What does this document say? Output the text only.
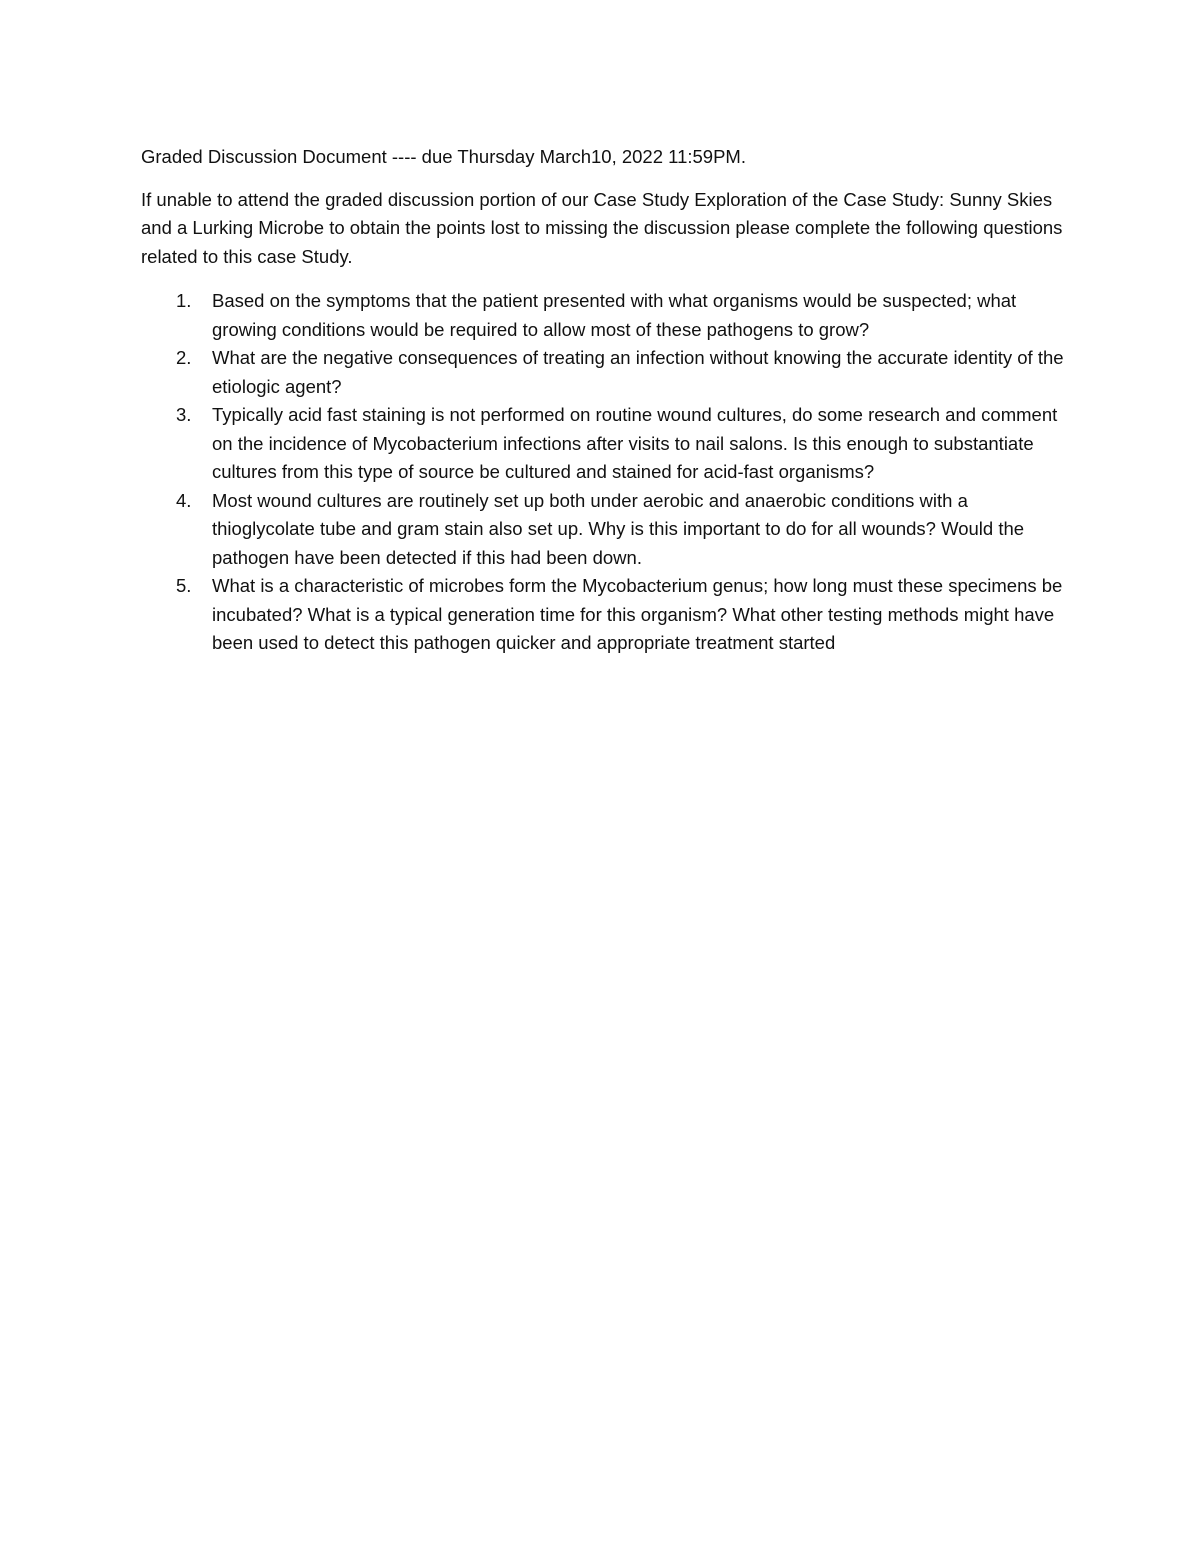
Graded Discussion Document ---- due Thursday March10, 2022 11:59PM.

If unable to attend the graded discussion portion of our Case Study Exploration of the Case Study: Sunny Skies and a Lurking Microbe to obtain the points lost to missing the discussion please complete the following questions related to this case Study.

1. Based on the symptoms that the patient presented with what organisms would be suspected; what growing conditions would be required to allow most of these pathogens to grow?
2. What are the negative consequences of treating an infection without knowing the accurate identity of the etiologic agent?
3. Typically acid fast staining is not performed on routine wound cultures, do some research and comment on the incidence of Mycobacterium infections after visits to nail salons. Is this enough to substantiate cultures from this type of source be cultured and stained for acid-fast organisms?
4. Most wound cultures are routinely set up both under aerobic and anaerobic conditions with a thioglycolate tube and gram stain also set up. Why is this important to do for all wounds? Would the pathogen have been detected if this had been down.
5. What is a characteristic of microbes form the Mycobacterium genus; how long must these specimens be incubated? What is a typical generation time for this organism? What other testing methods might have been used to detect this pathogen quicker and appropriate treatment started
